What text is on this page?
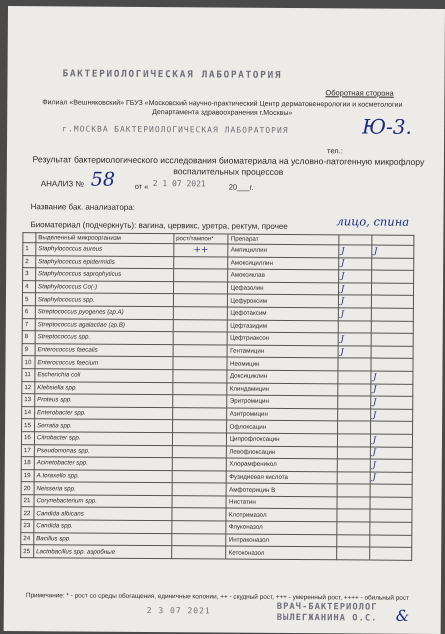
БАКТЕРИОЛОГИЧЕСКАЯ ЛАБОРАТОРИЯ
Оборотная сторона
Филиал «Вешняковский» ГБУЗ «Московский научно-практический Центр дерматовенерологии и косметологии Департамента здравоохранения г.Москвы»
г.МОСКВА БАКТЕРИОЛОГИЧЕСКАЯ ЛАБОРАТОРИЯ	Ю-3.
тел.:
Результат бактериологического исследования биоматериала на условно-патогенную микрофлору воспалительных процессов
АНАЛИЗ № 58	от « 2 1 07 2021	20___г.
Название бак. анализатора:
Биоматериал (подчеркнуть): вагина, цервикс, уретра, ректум, прочее	лицо, спина
	Выделенный микроорганизм	рост/тампон*	Препарат		
1	Staphylococcus aureus	++	Ампициллин	J	J
2	Staphylococcus epidermidis		Амоксициллин	J	
3	Staphylococcus saprophyticus		Амоксиклав	J	
4	Staphylococcus Co(-)		Цефазолин	J	
5	Staphylococcus spp.		Цефуроксим	J	
6	Streptococcus pyogenes (гр.A)		Цефотаксим	J	
7	Streptococcus agalactiae (гр.B)		Цефтазидим		
8	Streptococcus spp.		Цефтриаксон	J	
9	Enterococcus faecalis		Гентамицин	J	
10	Enterococcus faecium		Неомицин		
11	Escherichia coli		Доксициклин		J
12	Klebsiella spp.		Клиндамицин		J
13	Proteus spp.		Эритромицин		J
14	Enterobacter spp.		Азитромицин		J
15	Serratia spp.		Офлоксацин		
16	Citrobacter spp.		Ципрофлоксацин		J
17	Pseudomonas spp.		Левофлоксацин		J
18	Acinetobacter spp.		Хлорамфеникол		J
19	A.toraxello spp.		Фузидиевая кислота		J
20	Neisseria spp.		Амфотерицин B		
21	Corynebacterium spp.		Нистатин		
22	Candida albicans		Клотримазол		
23	Candida spp.		Флуконазол		
24	Bacillus spp.		Интраконазол		
25	Lactobacillus spp. аэробные		Кетоконазол		
Примечание: * - рост со среды обогащения, единичные колонии, ++ - скудный рост, +++ - умеренный рост, ++++ - обильный рост
2 3 07 2021	ВРАЧ-БАКТЕРИОЛОГ
ВЫЛЕГЖАНИНА О.С. &
